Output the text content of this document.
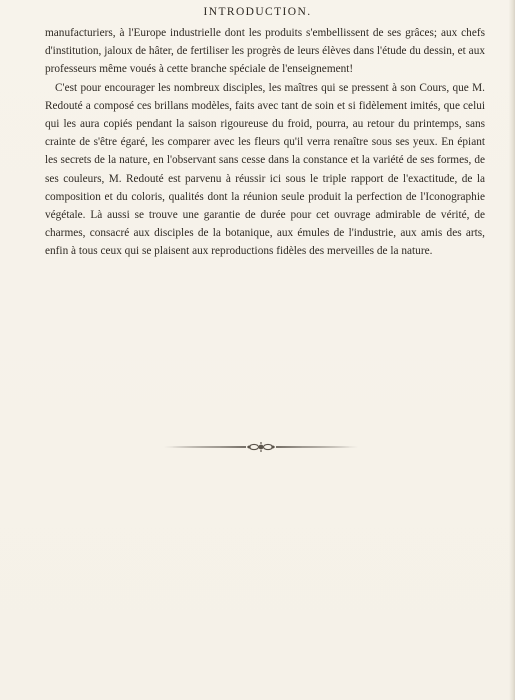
INTRODUCTION.

manufacturiers, à l'Europe industrielle dont les produits s'embellissent de ses grâces; aux chefs d'institution, jaloux de hâter, de fertiliser les progrès de leurs élèves dans l'étude du dessin, et aux professeurs même voués à cette branche spéciale de l'enseignement!

C'est pour encourager les nombreux disciples, les maîtres qui se pressent à son Cours, que M. Redouté a composé ces brillans modèles, faits avec tant de soin et si fidèlement imités, que celui qui les aura copiés pendant la saison rigoureuse du froid, pourra, au retour du printemps, sans crainte de s'être égaré, les comparer avec les fleurs qu'il verra renaître sous ses yeux. En épiant les secrets de la nature, en l'observant sans cesse dans la constance et la variété de ses formes, de ses couleurs, M. Redouté est parvenu à réussir ici sous le triple rapport de l'exactitude, de la composition et du coloris, qualités dont la réunion seule produit la perfection de l'Iconographie végétale. Là aussi se trouve une garantie de durée pour cet ouvrage admirable de vérité, de charmes, consacré aux disciples de la botanique, aux émules de l'industrie, aux amis des arts, enfin à tous ceux qui se plaisent aux reproductions fidèles des merveilles de la nature.
